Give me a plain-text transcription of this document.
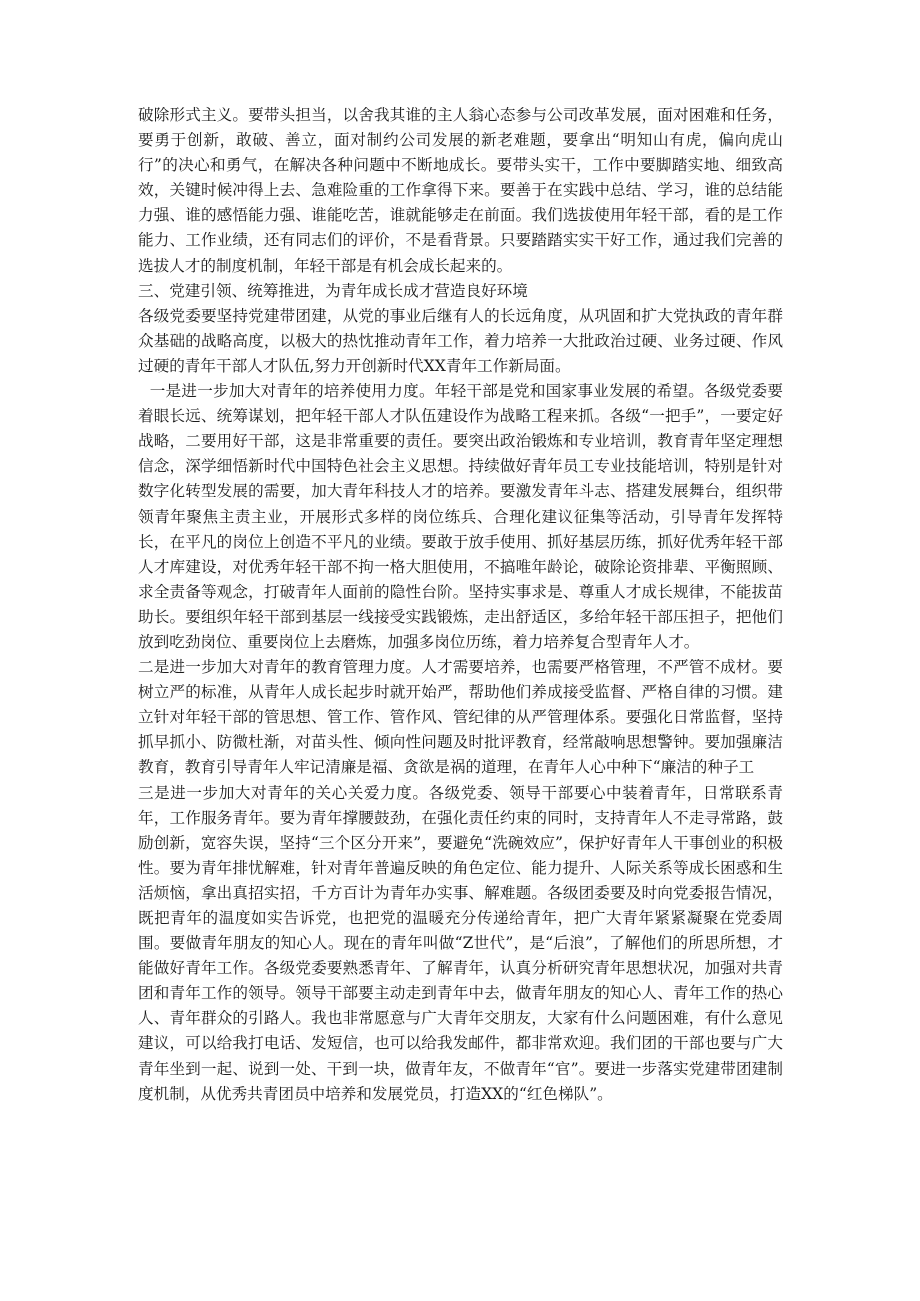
破除形式主义。要带头担当，以舍我其谁的主人翁心态参与公司改革发展，面对困难和任务，要勇于创新，敢破、善立，面对制约公司发展的新老难题，要拿出“明知山有虎，偏向虎山行”的决心和勇气，在解决各种问题中不断地成长。要带头实干，工作中要脚踏实地、细致高效，关键时候冲得上去、急难险重的工作拿得下来。要善于在实践中总结、学习，谁的总结能力强、谁的感悟能力强、谁能吃苦，谁就能够走在前面。我们选拔使用年轻干部，看的是工作能力、工作业绩，还有同志们的评价，不是看背景。只要踏踏实实干好工作，通过我们完善的选拔人才的制度机制，年轻干部是有机会成长起来的。

三、党建引领、统筹推进，为青年成长成才营造良好环境

各级党委要坚持党建带团建，从党的事业后继有人的长远角度，从巩固和扩大党执政的青年群众基础的战略高度，以极大的热忱推动青年工作，着力培养一大批政治过硬、业务过硬、作风过硬的青年干部人才队伍,努力开创新时代XX青年工作新局面。

一是进一步加大对青年的培养使用力度。年轻干部是党和国家事业发展的希望。各级党委要着眼长远、统筹谋划，把年轻干部人才队伍建设作为战略工程来抓。各级“一把手”，一要定好战略，二要用好干部，这是非常重要的责任。要突出政治锻炼和专业培训，教育青年坚定理想信念，深学细悟新时代中国特色社会主义思想。持续做好青年员工专业技能培训，特别是针对数字化转型发展的需要，加大青年科技人才的培养。要激发青年斗志、搭建发展舞台，组织带领青年聚焦主责主业，开展形式多样的岗位练兵、合理化建议征集等活动，引导青年发挥特长，在平凡的岗位上创造不平凡的业绩。要敢于放手使用、抓好基层历练，抓好优秀年轻干部人才库建设，对优秀年轻干部不拘一格大胆使用，不搞唯年龄论，破除论资排辈、平衡照顾、求全责备等观念，打破青年人面前的隐性台阶。坚持实事求是、尊重人才成长规律，不能拔苗助长。要组织年轻干部到基层一线接受实践锻炼，走出舒适区，多给年轻干部压担子，把他们放到吃劲岗位、重要岗位上去磨炼，加强多岗位历练，着力培养复合型青年人才。

二是进一步加大对青年的教育管理力度。人才需要培养，也需要严格管理，不严管不成材。要树立严的标准，从青年人成长起步时就开始严，帮助他们养成接受监督、严格自律的习惯。建立针对年轻干部的管思想、管工作、管作风、管纪律的从严管理体系。要强化日常监督，坚持抓早抓小、防微杜渐，对苗头性、倾向性问题及时批评教育，经常敲响思想警钟。要加强廉洁教育，教育引导青年人牢记清廉是福、贪欲是祸的道理，在青年人心中种下“廉洁的种子工

三是进一步加大对青年的关心关爱力度。各级党委、领导干部要心中装着青年，日常联系青年，工作服务青年。要为青年撑腰鼓劲，在强化责任约束的同时，支持青年人不走寻常路，鼓励创新，宽容失误，坚持“三个区分开来”，要避免“洗碗效应”，保护好青年人干事创业的积极性。要为青年排忧解难，针对青年普遍反映的角色定位、能力提升、人际关系等成长困惑和生活烦恼，拿出真招实招，千方百计为青年办实事、解难题。各级团委要及时向党委报告情况，既把青年的温度如实告诉党，也把党的温暖充分传递给青年，把广大青年紧紧凝聚在党委周围。要做青年朋友的知心人。现在的青年叫做“Z世代”，是“后浪”，了解他们的所思所想，才能做好青年工作。各级党委要熟悉青年、了解青年，认真分析研究青年思想状况，加强对共青团和青年工作的领导。领导干部要主动走到青年中去，做青年朋友的知心人、青年工作的热心人、青年群众的引路人。我也非常愿意与广大青年交朋友，大家有什么问题困难，有什么意见建议，可以给我打电话、发短信，也可以给我发邮件，都非常欢迎。我们团的干部也要与广大青年坐到一起、说到一处、干到一块，做青年友，不做青年“官”。要进一步落实党建带团建制度机制，从优秀共青团员中培养和发展党员，打造XX的“红色梯队”。
